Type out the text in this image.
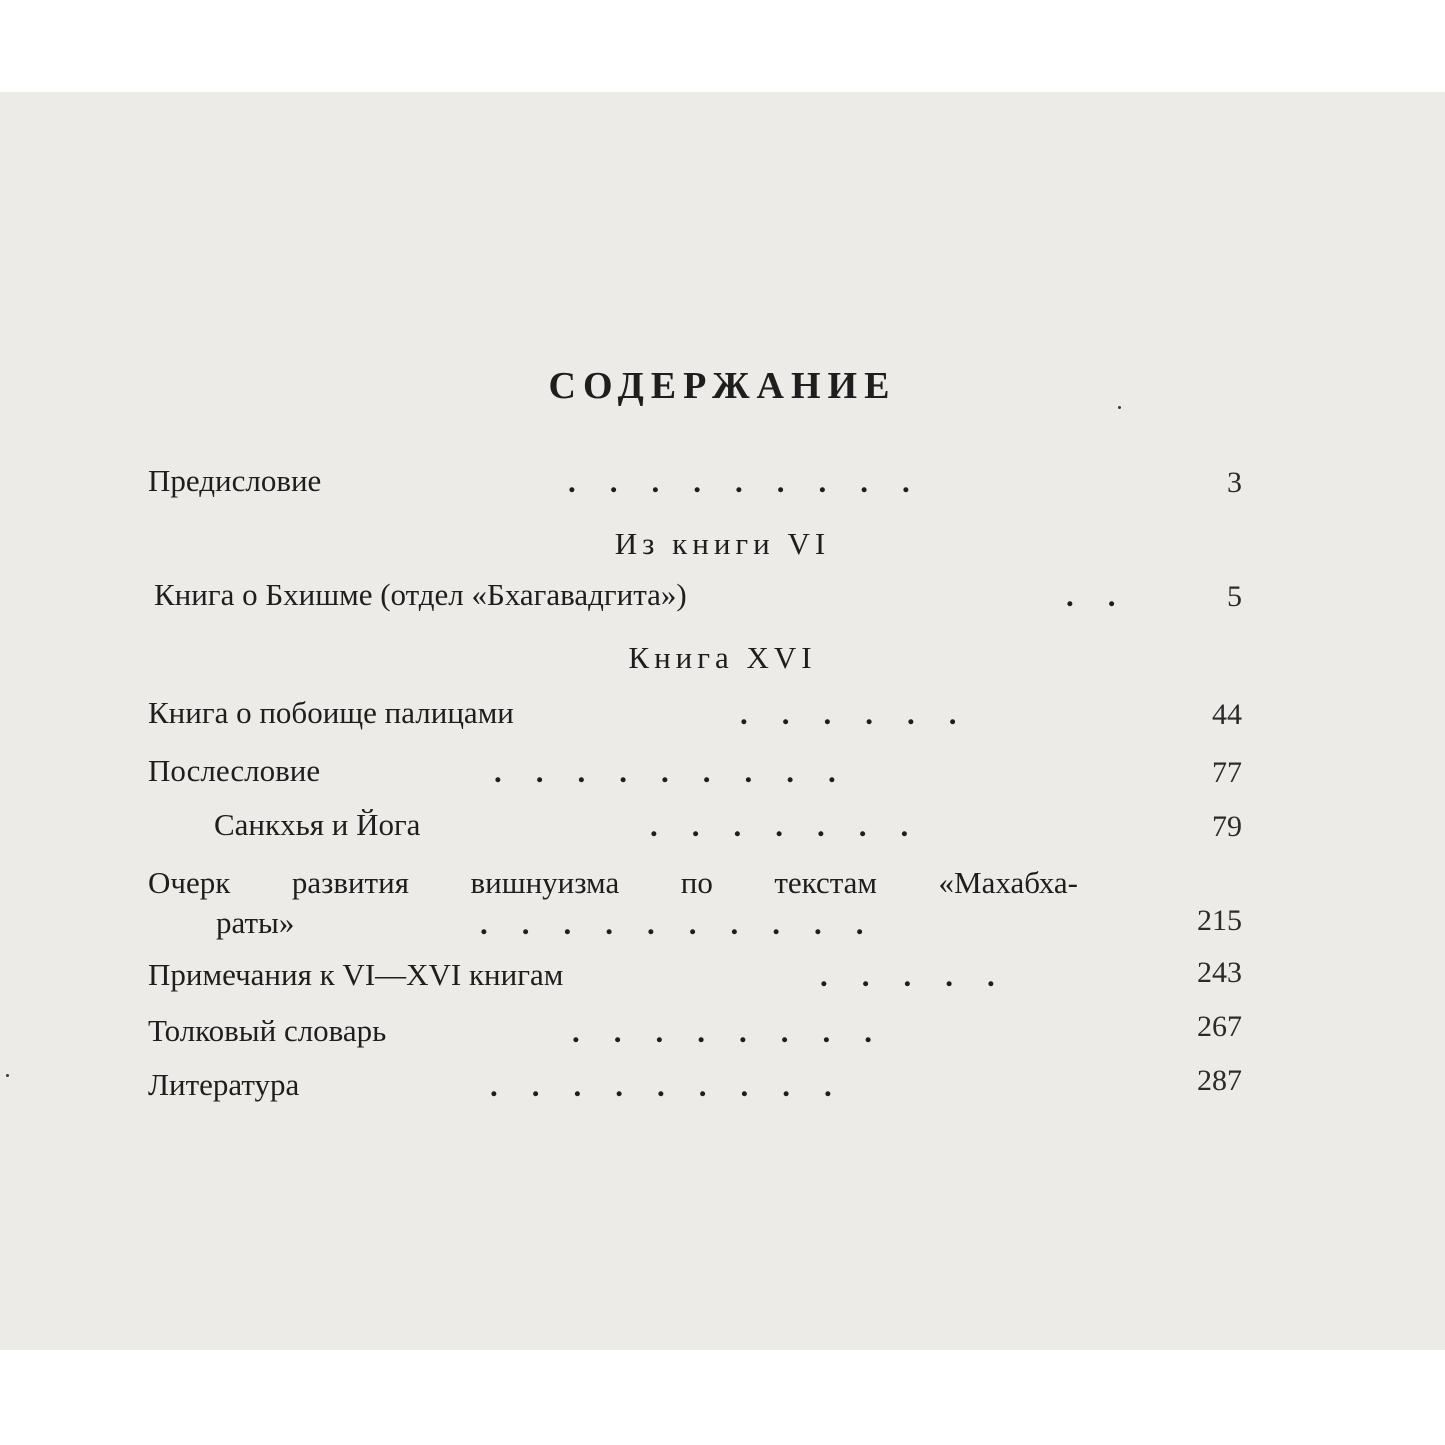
СОДЕРЖАНИЕ
Предисловие	.........	3
Из книги VI
Книга о Бхишме (отдел «Бхагавадгита»)	..	5
Книга XVI
Книга о побоище палицами	......	44
Послесловие	.........	77
Санкхья и Йога	.......	79
Очерк развития вишнуизма по текстам «Махабха-
раты»	..........	215
Примечания к VI—XVI книгам	.....	243
Толковый словарь	........	267
Литература	.........	287
